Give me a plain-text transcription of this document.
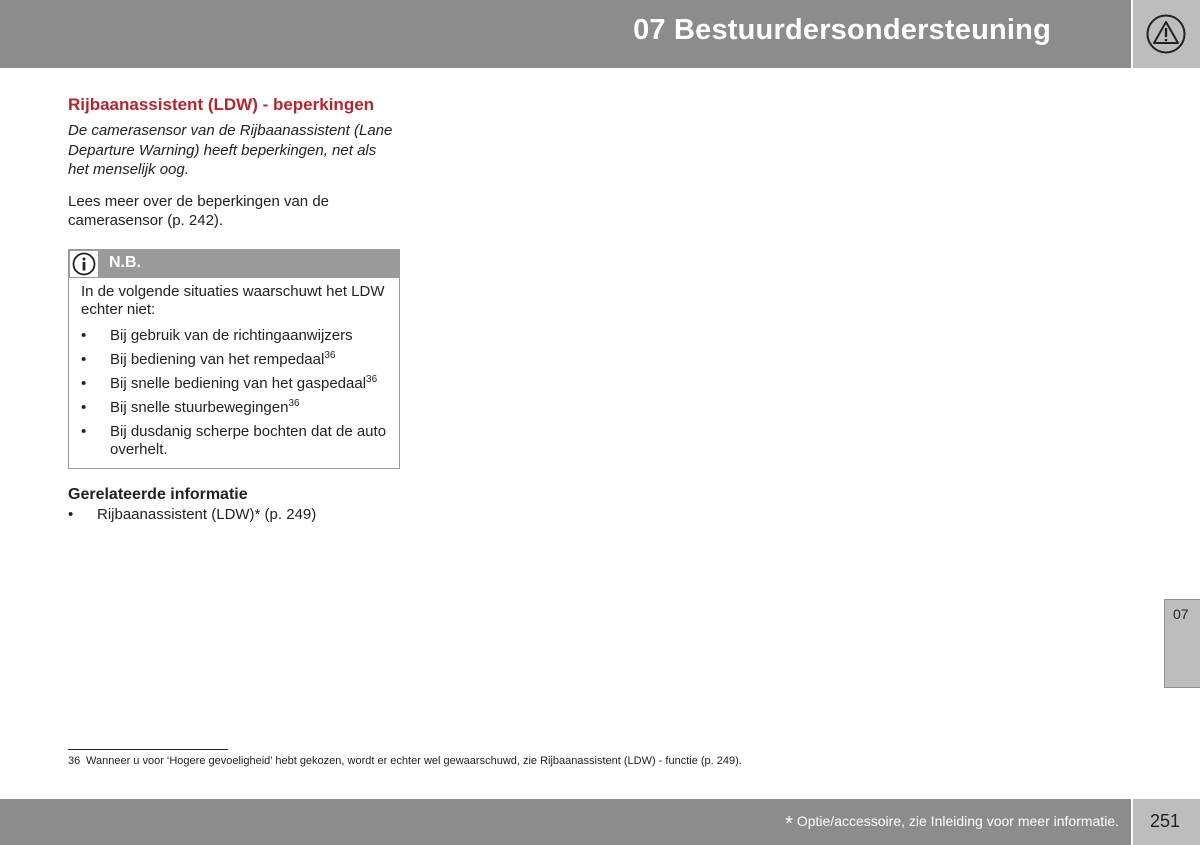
07 Bestuurdersondersteuning
Rijbaanassistent (LDW) - beperkingen

De camerasensor van de Rijbaanassistent (Lane Departure Warning) heeft beperkingen, net als het menselijk oog.

Lees meer over de beperkingen van de camerasensor (p. 242).

N.B.

In de volgende situaties waarschuwt het LDW echter niet:

• Bij gebruik van de richtingaanwijzers
• Bij bediening van het rempedaal$^{36}$
• Bij snelle bediening van het gaspedaal$^{36}$
• Bij snelle stuurbewegingen$^{36}$
• Bij dusdanig scherpe bochten dat de auto overhelt.
Gerelateerde informatie
• Rijbaanassistent (LDW)* (p. 249)
07
36 Wanneer u voor ‘Hogere gevoeligheid’ hebt gekozen, wordt er echter wel gewaarschuwd, zie Rijbaanassistent (LDW) - functie (p. 249).
* Optie/accessoire, zie Inleiding voor meer informatie. 251
